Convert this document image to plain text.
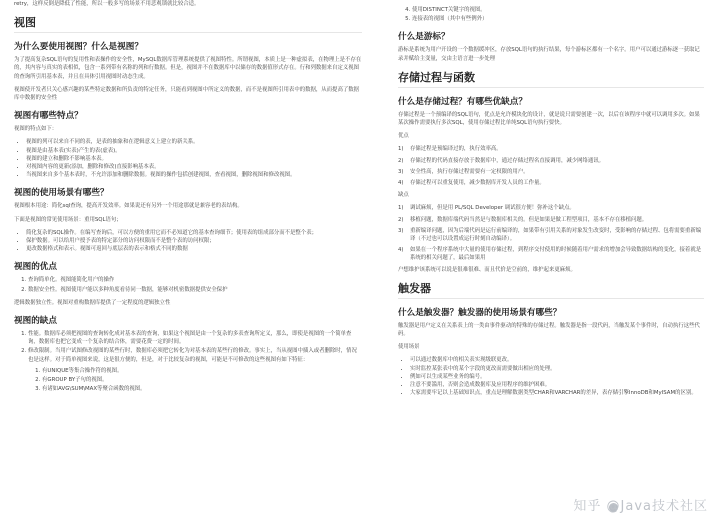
retry，这样反倒是降低了性能，所以一般多写的场景不用悲观锁就比较合适。

视图
为什么要使用视图？什么是视图？

为了提高复杂SQL语句的复用性和表操作的安全性，MySQL数据库管理系统提供了视图特性。所谓视图，本质上是一种虚拟表，在物理上是不存在的，其内容与真实的表相似，包含一系列带有名称的列和行数据。但是，视图并不在数据库中以储存的数据值形式存在。行和列数据来自定义视图的查询所引用基本表，并且在具体引用视图时动态生成。

视图使开发者只关心感兴趣的某些特定数据和所负责的特定任务，只能看到视图中所定义的数据，而不是视图所引用表中的数据，从而提高了数据库中数据的安全性

视图有哪些特点？

视图的特点如下：

• 视图的列可以来自不同的表，是表的抽象和在逻辑意义上建立的新关系。
• 视图是由基本表(实表)产生的表(虚表)。
• 视图的建立和删除不影响基本表。
• 对视图内容的更新(添加，删除和修改)直接影响基本表。
• 当视图来自多个基本表时，不允许添加和删除数据。视图的操作包括创建视图，查看视图，删除视图和修改视图。
视图的使用场景有哪些？

视图根本用途：简化sql查询，提高开发效率。如果说还有另外一个用途那就是兼容老的表结构。

下面是视图的常见使用场景：重用SQL语句；

• 简化复杂的SQL操作。在编写查询后，可以方便的重用它而不必知道它的基本查询细节；使用表的组成部分而不是整个表；
• 保护数据。可以给用户授予表的特定部分的访问权限而不是整个表的访问权限；
• 更改数据格式和表示。视图可返回与底层表的表示和格式不同的数据
视图的优点
1. 查询简单化。视图能简化用户的操作
2. 数据安全性。视图使用户能以多种角度看待同一数据，能够对机密数据提供安全保护

逻辑数据独立性。视图对重构数据库提供了一定程度的逻辑独立性

视图的缺点
1. 性能。数据库必须把视图的查询转化成对基本表的查询，如果这个视图是由一个复杂的多表查询所定义，那么，即使是视图的一个简单查询，数据库也把它变成一个复杂的结合体，需要花费一定的时间。
2. 修改限制。当用户试图修改视图的某些行时，数据库必须把它转化为对基本表的某些行的修改。事实上，当从视图中插入或者删除时，情况也是这样。对于简单视图来说，这是很方便的，但是，对于比较复杂的视图，可能是不可修改的这些视图有如下特征：
1. 有UNIQUE等集合操作符的视图。
2. 有GROUP BY子句的视图。
3. 有诸如AVG\SUM\MAX等聚合函数的视图。
4. 使用DISTINCT关键字的视图。
5. 连接表的视图（其中有些例外）
什么是游标？

游标是系统为用户开设的一个数据缓冲区，存放SQL语句的执行结果，每个游标区都有一个名字。用户可以通过游标逐一获取记录并赋给主变量，交由主语言进一步处理

存储过程与函数
什么是存储过程？有哪些优缺点？

存储过程是一个预编译的SQL语句，优点是允许模块化的设计，就是说只需要创建一次，以后在该程序中就可以调用多次。如果某次操作需要执行多次SQL，使用存储过程比单纯SQL语句执行要快。

优点

1)	存储过程是预编译过的，执行效率高。
2)	存储过程的代码直接存放于数据库中，通过存储过程名直接调用，减少网络通讯。
3)	安全性高，执行存储过程需要有一定权限的用户。
4)	存储过程可以重复使用，减少数据库开发人员的工作量。

缺点

1)	调试麻烦，但是用 PL/SQL Developer 调试很方便！弥补这个缺点。
2)	移植问题，数据库端代码当然是与数据库相关的。但是如果是做工程型项目，基本不存在移植问题。
3)	重新编译问题，因为后端代码是运行前编译的，如果带有引用关系的对象发生改变时，受影响的存储过程、包将需要重新编译（不过也可以设置成运行时刻自动编译）。
4)	如果在一个程序系统中大量的使用存储过程，到程序交付使用的时候随着用户需求的增加会导致数据结构的变化，接着就是系统的相关问题了，最后如果用

户想维护该系统可以说是很难很难、而且代价是空前的，维护起来更麻烦。

触发器
什么是触发器？触发器的使用场景有哪些？

触发器是用户定义在关系表上的一类由事件驱动的特殊的存储过程。触发器是指一段代码，当触发某个事件时，自动执行这些代码。

使用场景

• 可以通过数据库中的相关表实现级联更改。
• 实时监控某张表中的某个字段的更改而需要做出相应的处理。
• 例如可以生成某些业务的编号。
• 注意不要滥用，否则会造成数据库及应用程序的维护困难。
• 大家需要牢记以上基础知识点，重点是理解数据类型CHAR和VARCHAR的差异，表存储引擎InnoDB和MyISAM的区别。
知乎 @Java技术社区
